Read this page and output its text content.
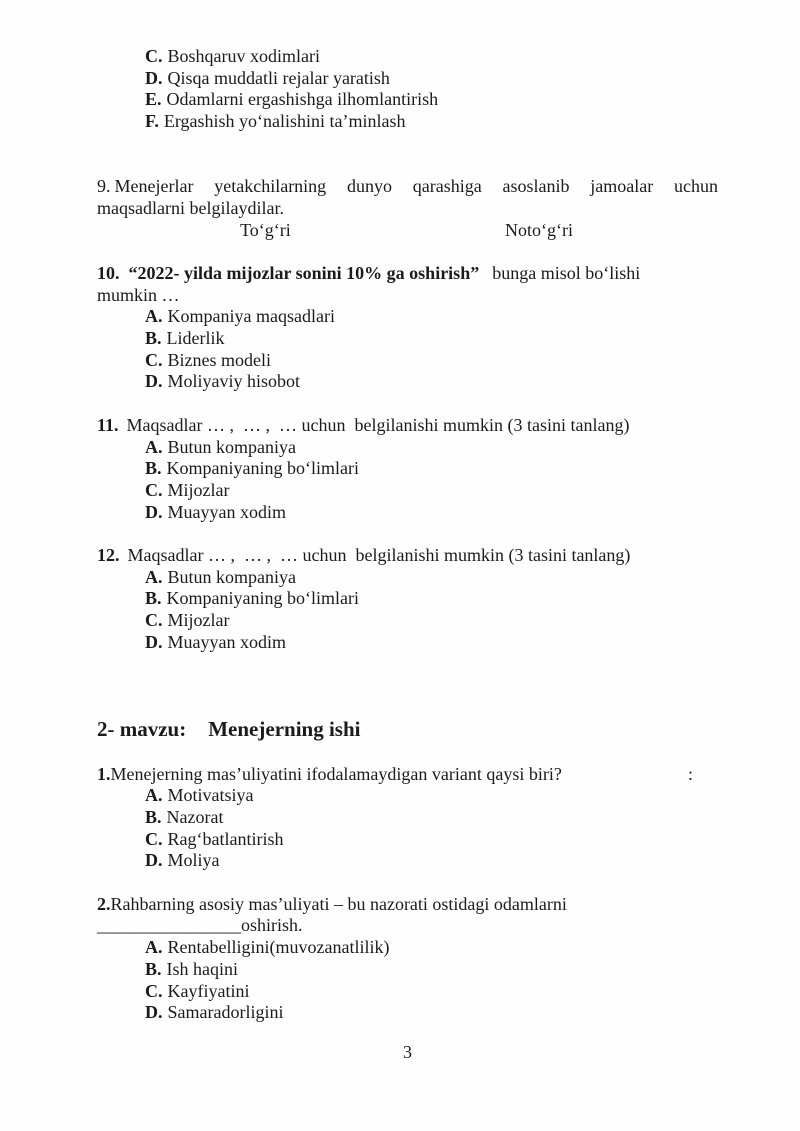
C. Boshqaruv xodimlari
D. Qisqa muddatli rejalar yaratish
E. Odamlarni ergashishga ilhomlantirish
F. Ergashish yo‘nalishini ta’minlash
9. Menejerlar yetakchilarning dunyo qarashiga asoslanib jamoalar uchun
maqsadlarni belgilaydilar.
To‘g‘ri	Noto‘g‘ri
10. “2022- yilda mijozlar sonini 10% ga oshirish” bunga misol bo‘lishi
mumkin …
A. Kompaniya maqsadlari
B. Liderlik
C. Biznes modeli
D. Moliyaviy hisobot
11. Maqsadlar … ,  … ,  … uchun  belgilanishi mumkin (3 tasini tanlang)
A. Butun kompaniya
B. Kompaniyaning bo‘limlari
C. Mijozlar
D. Muayyan xodim
12. Maqsadlar … ,  … ,  … uchun  belgilanishi mumkin (3 tasini tanlang)
A. Butun kompaniya
B. Kompaniyaning bo‘limlari
C. Mijozlar
D. Muayyan xodim
2- mavzu: Menejerning ishi
1.Menejerning mas’uliyatini ifodalamaydigan variant qaysi biri?	:
A. Motivatsiya
B. Nazorat
C. Rag‘batlantirish
D. Moliya
2.Rahbarning asosiy mas’uliyati – bu nazorati ostidagi odamlarni
________________oshirish.
A. Rentabelligini(muvozanatlilik)
B. Ish haqini
C. Kayfiyatini
D. Samaradorligini
3
